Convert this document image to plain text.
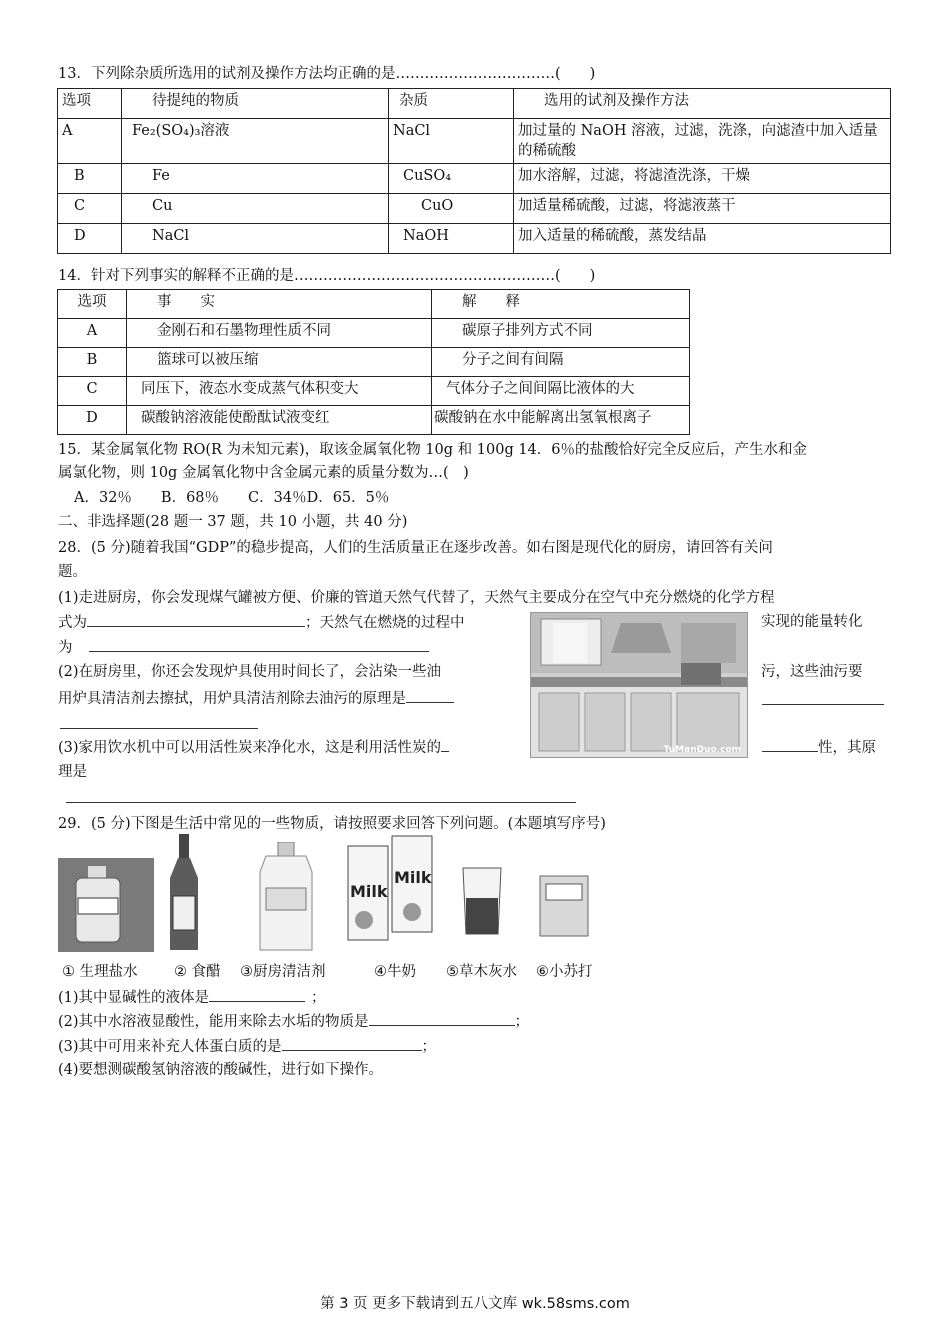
13．下列除杂质所选用的试剂及操作方法均正确的是……………………………(　　)
选项	待提纯的物质	杂质	选用的试剂及操作方法
A	Fe₂(SO₄)₃溶液	NaCl	加过量的 NaOH 溶液，过滤，洗涤，向滤渣中加入适量的稀硫酸
B	Fe	CuSO₄	加水溶解，过滤，将滤渣洗涤，干燥
C	Cu	CuO	加适量稀硫酸，过滤，将滤液蒸干
D	NaCl	NaOH	加入适量的稀硫酸，蒸发结晶
14．针对下列事实的解释不正确的是………………………………………………(　　)
选项	事　　实	解　　释
A	金刚石和石墨物理性质不同	碳原子排列方式不同
B	篮球可以被压缩	分子之间有间隔
C	同压下，液态水变成蒸气体积变大	气体分子之间间隔比液体的大
D	碳酸钠溶液能使酚酞试液变红	碳酸钠在水中能解离出氢氧根离子
15．某金属氧化物 RO(R 为未知元素)，取该金属氧化物 10g 和 100g 14．6％的盐酸恰好完全反应后，产生水和金
属氯化物，则 10g 金属氧化物中含金属元素的质量分数为…(　)
A．32％　　B．68％　　C．34％D．65．5％
二、非选择题(28 题一 37 题，共 10 小题，共 40 分)
28．(5 分)随着我国“GDP”的稳步提高，人们的生活质量正在逐步改善。如右图是现代化的厨房，请回答有关问
题。
(1)走进厨房，你会发现煤气罐被方便、价廉的管道天然气代替了，天然气主要成分在空气中充分燃烧的化学方程
式为	；天然气在燃烧的过程中	实现的能量转化
为
(2)在厨房里，你还会发现炉具使用时间长了，会沾染一些油	污，这些油污要
用炉具清洁剂去擦拭，用炉具清洁剂除去油污的原理是
(3)家用饮水机中可以用活性炭来净化水，这是利用活性炭的	性，其原
理是
TuManDuo.com
29．(5 分)下图是生活中常见的一些物质，请按照要求回答下列问题。(本题填写序号)
Milk
Milk
① 生理盐水	② 食醋 ③厨房清洁剂	④牛奶 ⑤草木灰水 ⑥小苏打
(1)其中显碱性的液体是	；
(2)其中水溶液显酸性，能用来除去水垢的物质是	；
(3)其中可用来补充人体蛋白质的是	；
(4)要想测碳酸氢钠溶液的酸碱性，进行如下操作。
第 3 页 更多下载请到五八文库 wk.58sms.com
